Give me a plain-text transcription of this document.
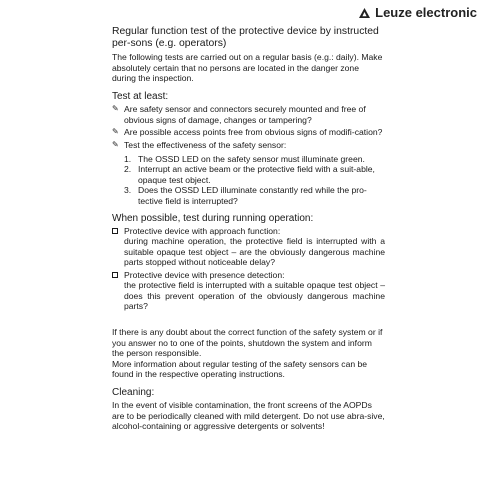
Leuze electronic

Regular function test of the protective device by instructed per-sons (e.g. operators)

The following tests are carried out on a regular basis (e.g.: daily). Make absolutely certain that no persons are located in the danger zone during the inspection.

Test at least:

✎ Are safety sensor and connectors securely mounted and free of obvious signs of damage, changes or tampering?
✎ Are possible access points free from obvious signs of modifi-cation?
✎ Test the effectiveness of the safety sensor:
1. The OSSD LED on the safety sensor must illuminate green.
2. Interrupt an active beam or the protective field with a suit-able, opaque test object.
3. Does the OSSD LED illuminate constantly red while the pro-tective field is interrupted?

When possible, test during running operation:

Protective device with approach function:
during machine operation, the protective field is interrupted with a suitable opaque test object – are the obviously dangerous machine parts stopped without noticeable delay?
Protective device with presence detection:
the protective field is interrupted with a suitable opaque test object – does this prevent operation of the obviously dangerous machine parts?

If there is any doubt about the correct function of the safety system or if you answer no to one of the points, shutdown the system and inform the person responsible.

More information about regular testing of the safety sensors can be found in the respective operating instructions.

Cleaning:

In the event of visible contamination, the front screens of the AOPDs are to be periodically cleaned with mild detergent. Do not use abra-sive, alcohol-containing or aggressive detergents or solvents!
